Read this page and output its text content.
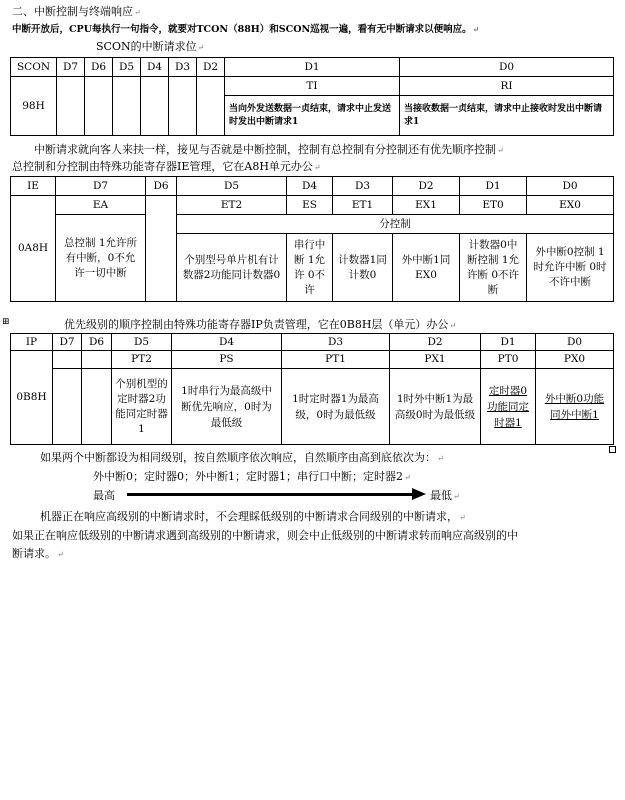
二、中断控制与终端响应↵
中断开放后，CPU每执行一句指令，就要对TCON（88H）和SCON巡视一遍，看有无中断请求以便响应。↵
SCON的中断请求位↵
SCON	D7	D6	D5	D4	D3	D2	D1	D0
98H							TI	RI
							当向外发送数据一贞结束，请求中止发送时发出中断请求1	当接收数据一贞结束，请求中止接收时发出中断请求1
中断请求就向客人来扶一样，接见与否就是中断控制，控制有总控制有分控制还有优先顺序控制↵
总控制和分控制由特殊功能寄存器IE管理，它在A8H单元办公↵
IE	D7	D6	D5	D4	D3	D2	D1	D0
0A8H	EA		ET2	ES	ET1	EX1	ET0	EX0
	总控制 1允许所有中断，0不允许一切中断		分控制					
			个别型号单片机有计数器2功能同计数器0	串行中断 1允许 0不许	计数器1同计数0	外中断1同EX0	计数器0中断控制 1允许断 0不许断	外中断0控制 1时允许中断 0时不许中断
⊞	优先级别的顺序控制由特殊功能寄存器IP负责管理，它在0B8H层（单元）办公↵
IP	D7	D6	D5	D4	D3	D2	D1	D0
0B8H			PT2	PS	PT1	PX1	PT0	PX0
			个别机型的定时器2功能同定时器1	1时串行为最高级中断优先响应，0时为最低级	1时定时器1为最高级，0时为最低级	1时外中断1为最高级0时为最低级	定时器0功能同定时器1	外中断0功能同外中断1
如果两个中断都设为相同级别，按自然顺序依次响应，自然顺序由高到底依次为：↵
外中断0；定时器0；外中断1；定时器1；串行口中断；定时器2↵
最高	最低↵
机器正在响应高级别的中断请求时，不会理睬低级别的中断请求合同级别的中断请求，↵
如果正在响应低级别的中断请求遇到高级别的中断请求，则会中止低级别的中断请求转而响应高级别的中
断请求。↵
